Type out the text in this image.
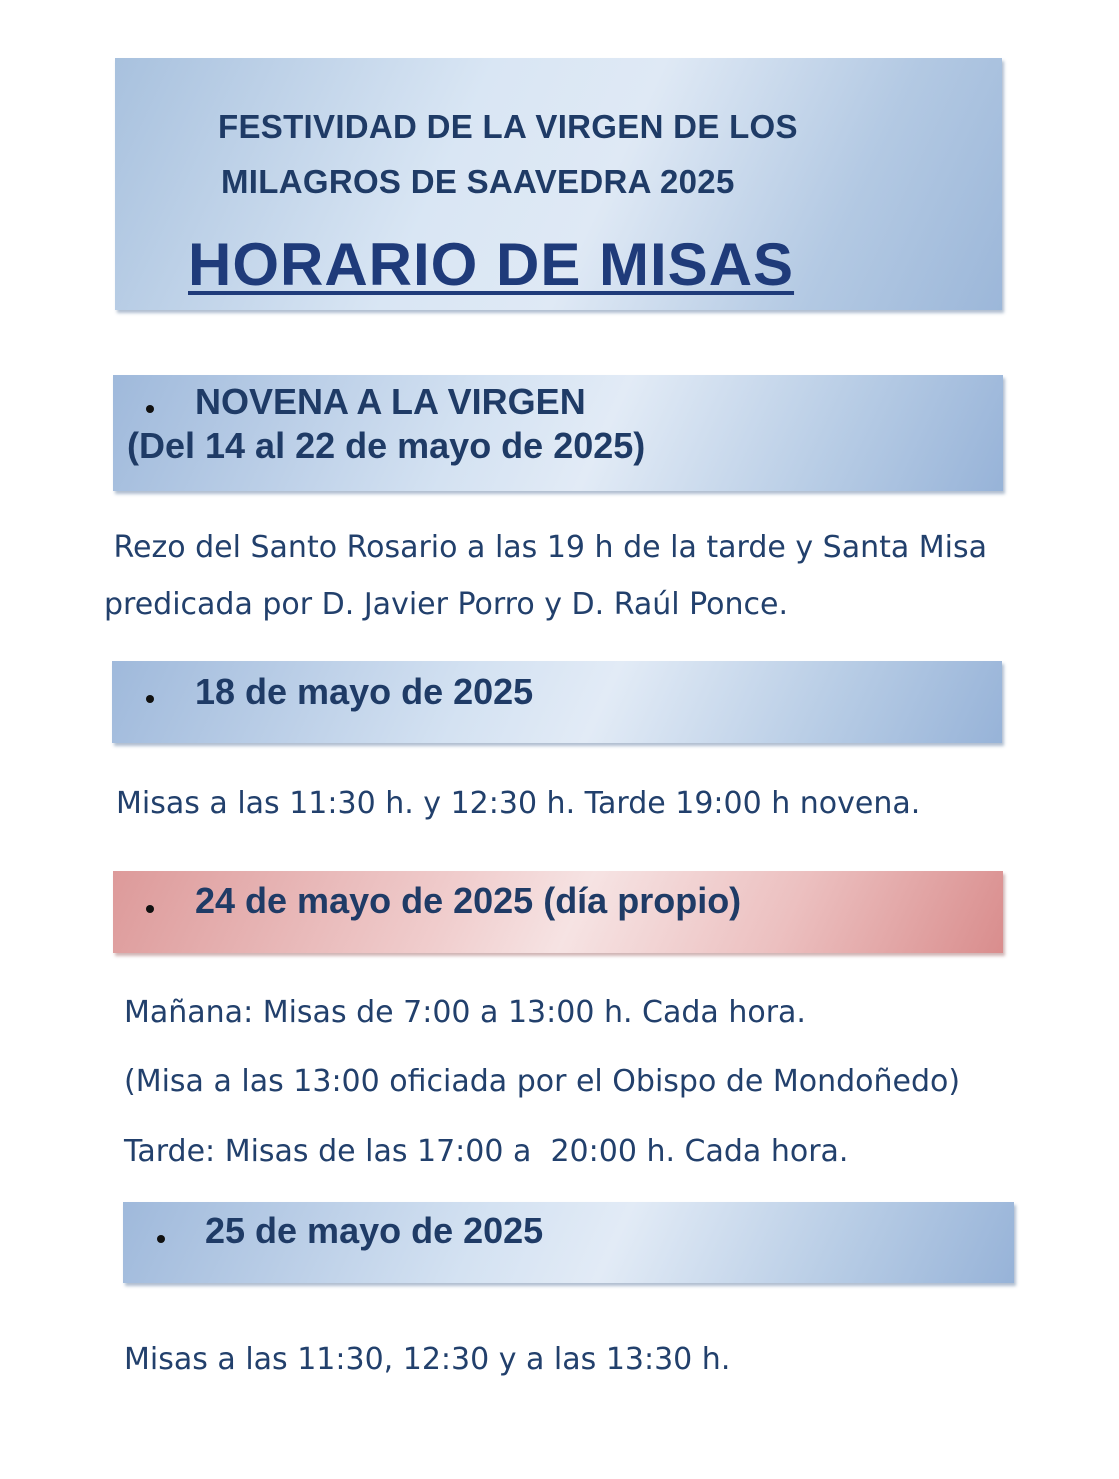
FESTIVIDAD DE LA VIRGEN DE LOS
MILAGROS DE SAAVEDRA 2025
HORARIO DE MISAS
NOVENA A LA VIRGEN
(Del 14 al 22 de mayo de 2025)
Rezo del Santo Rosario a las 19 h de la tarde y Santa Misa
predicada por D. Javier Porro y D. Raúl Ponce.
18 de mayo de 2025
Misas a las 11:30 h. y 12:30 h. Tarde 19:00 h novena.
24 de mayo de 2025 (día propio)
Mañana: Misas de 7:00 a 13:00 h. Cada hora.
(Misa a las 13:00 oficiada por el Obispo de Mondoñedo)
Tarde: Misas de las 17:00 a  20:00 h. Cada hora.
25 de mayo de 2025
Misas a las 11:30, 12:30 y a las 13:30 h.
